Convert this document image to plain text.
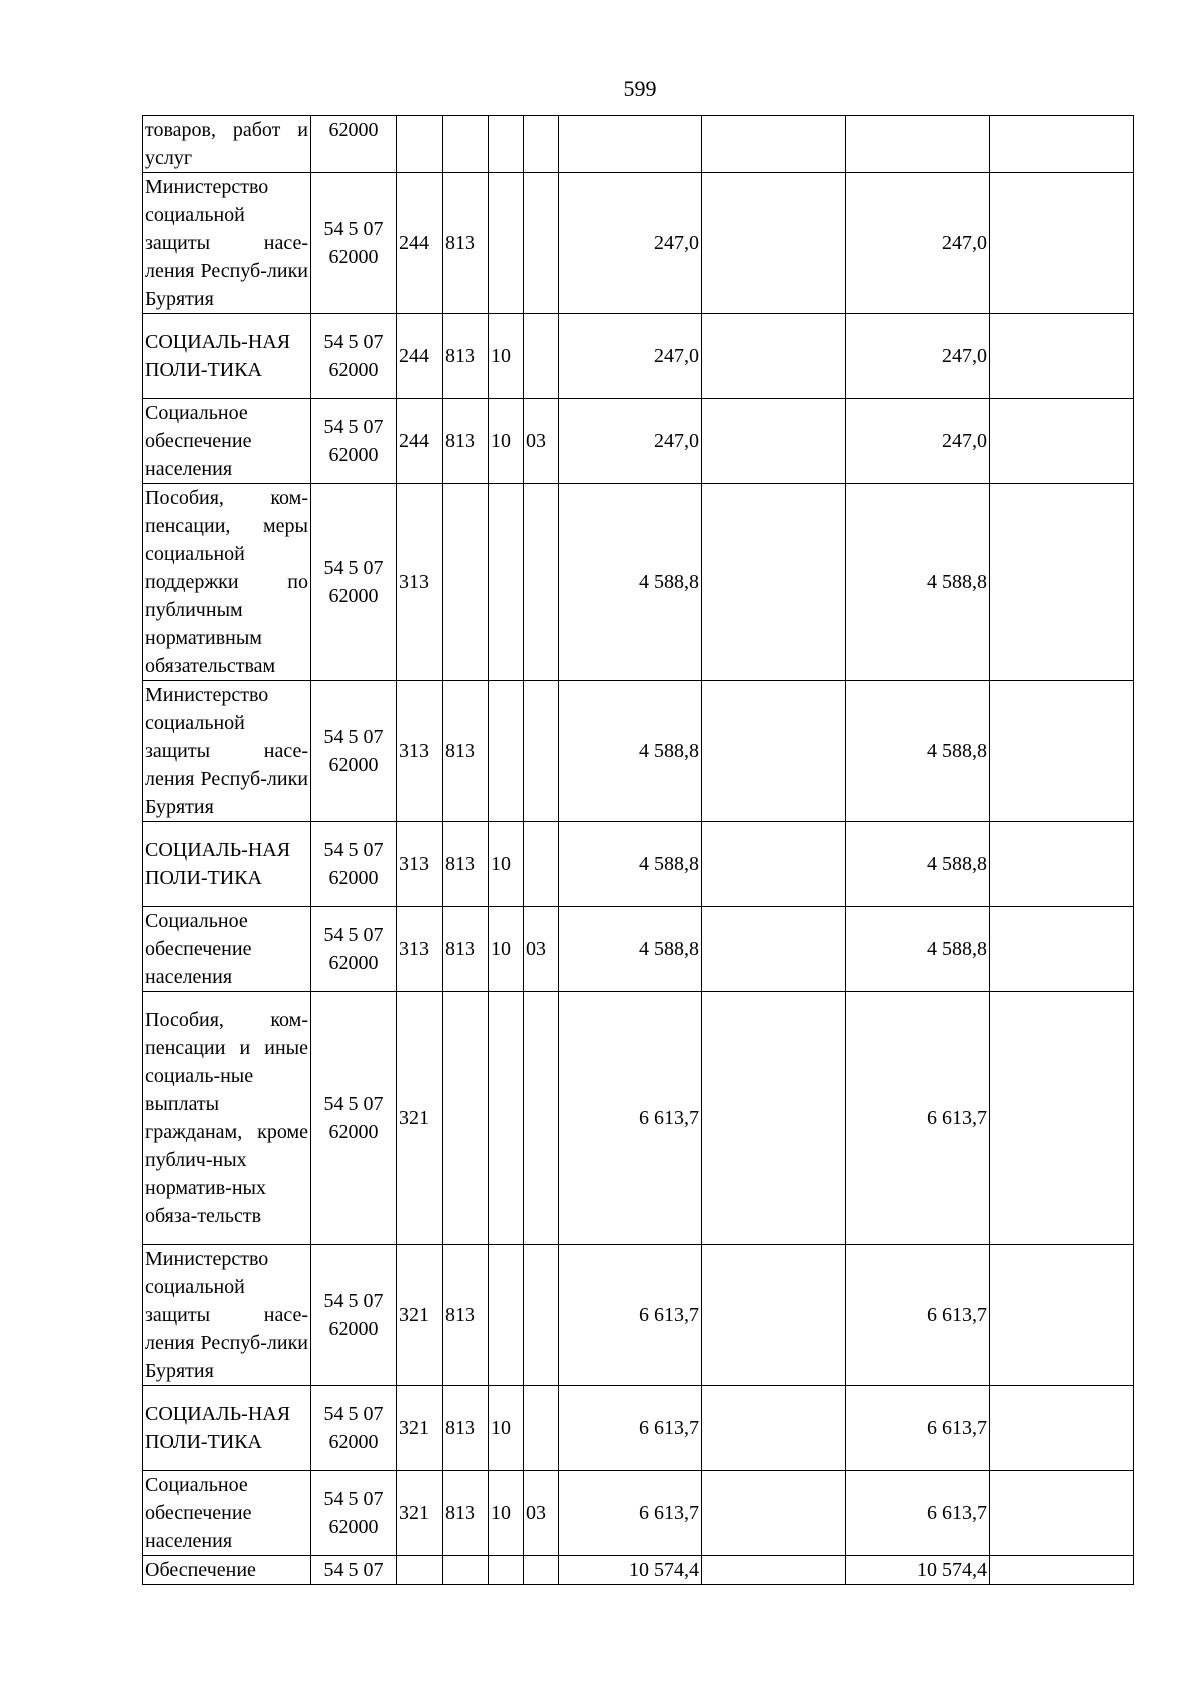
599
товаров, работ и услуг	62000								
Министерство социальной защиты насе-ления Респуб-лики Бурятия	54 5 07 62000	244	813			247,0		247,0	
СОЦИАЛЬ-НАЯ ПОЛИ-ТИКА	54 5 07 62000	244	813	10		247,0		247,0	
Социальное обеспечение населения	54 5 07 62000	244	813	10	03	247,0		247,0	
Пособия, ком-пенсации, меры социальной поддержки по публичным нормативным обязательствам	54 5 07 62000	313				4 588,8		4 588,8	
Министерство социальной защиты насе-ления Респуб-лики Бурятия	54 5 07 62000	313	813			4 588,8		4 588,8	
СОЦИАЛЬ-НАЯ ПОЛИ-ТИКА	54 5 07 62000	313	813	10		4 588,8		4 588,8	
Социальное обеспечение населения	54 5 07 62000	313	813	10	03	4 588,8		4 588,8	
Пособия, ком-пенсации и иные социаль-ные выплаты гражданам, кроме публич-ных норматив-ных обяза-тельств	54 5 07 62000	321				6 613,7		6 613,7	
Министерство социальной защиты насе-ления Респуб-лики Бурятия	54 5 07 62000	321	813			6 613,7		6 613,7	
СОЦИАЛЬ-НАЯ ПОЛИ-ТИКА	54 5 07 62000	321	813	10		6 613,7		6 613,7	
Социальное обеспечение населения	54 5 07 62000	321	813	10	03	6 613,7		6 613,7	
Обеспечение	54 5 07					10 574,4		10 574,4	
